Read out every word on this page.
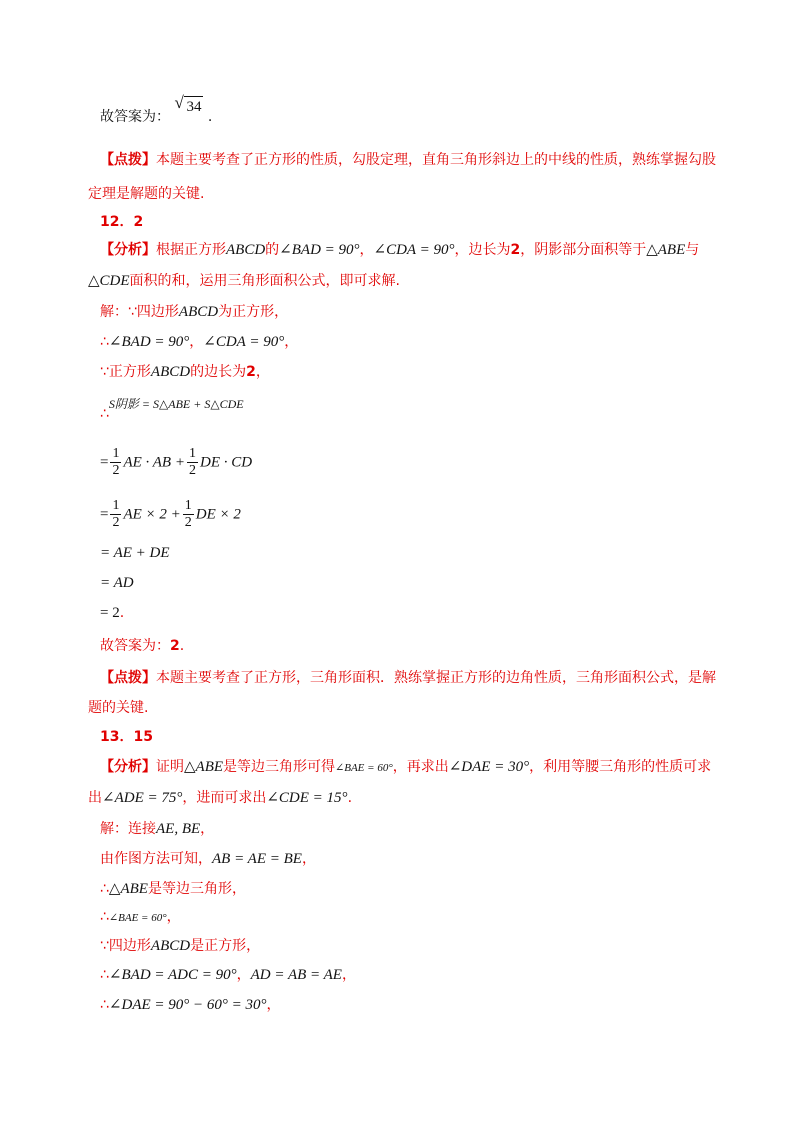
故答案为：
√ 34 .
【点拨】本题主要考查了正方形的性质，勾股定理，直角三角形斜边上的中线的性质，熟练掌握勾股
定理是解题的关键.
12．2
【分析】根据正方形ABCD的∠BAD = 90°，∠CDA = 90°，边长为2，阴影部分面积等于△ABE与
△CDE面积的和，运用三角形面积公式，即可求解.
解：∵四边形ABCD为正方形，
∴∠BAD = 90°，∠CDA = 90°，
∵正方形ABCD的边长为2，
∴S阴影 = S△ABE + S△CDE
= $\frac{1}{2}$ AE · AB + $\frac{1}{2}$ DE · CD
= $\frac{1}{2}$ AE × $2 + \frac{1}{2}$ DE × 2
= AE + DE
= AD
= 2.
故答案为：2.
【点拨】本题主要考查了正方形，三角形面积．熟练掌握正方形的边角性质，三角形面积公式，是解
题的关键.
13．15
【分析】证明△ABE是等边三角形可得∠BAE = 60°，再求出∠DAE = 30°，利用等腰三角形的性质可求
出∠ADE = 75°，进而可求出∠CDE = 15°.
解：连接AE, BE，
由作图方法可知，AB = AE = BE，
∴△ABE是等边三角形，
∴∠BAE = 60°，
∵四边形ABCD是正方形，
∴∠BAD = ADC = 90°，AD = AB = AE，
∴∠DAE = 90° − 60° = 30°，
